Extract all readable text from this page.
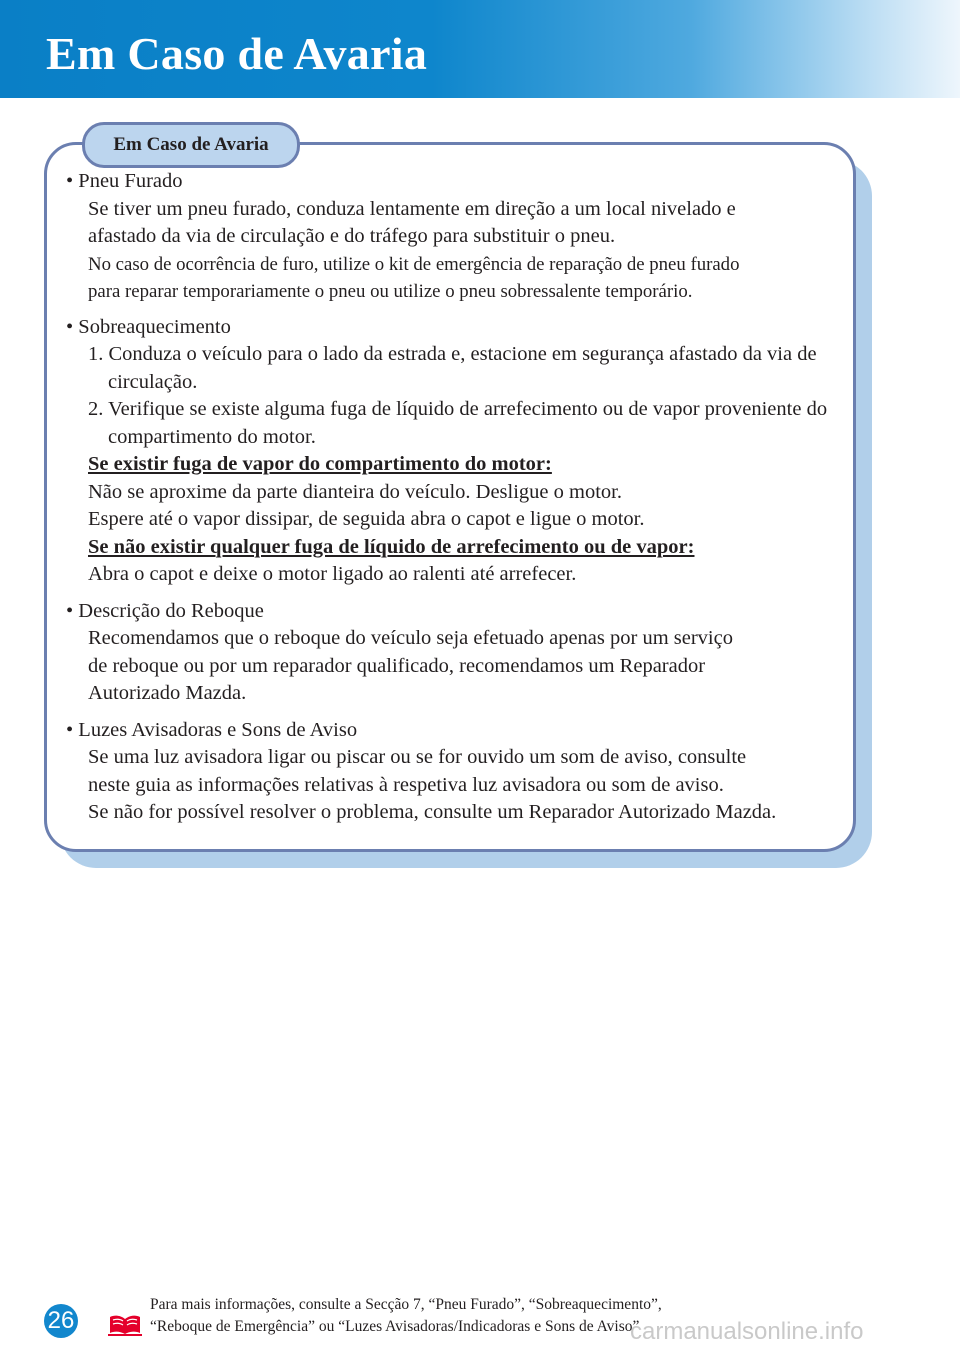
Em Caso de Avaria
Em Caso de Avaria

• Pneu Furado

Se tiver um pneu furado, conduza lentamente em direção a um local nivelado e

afastado da via de circulação e do tráfego para substituir o pneu.

No caso de ocorrência de furo, utilize o kit de emergência de reparação de pneu furado

para reparar temporariamente o pneu ou utilize o pneu sobressalente temporário.

• Sobreaquecimento

1. Conduza o veículo para o lado da estrada e, estacione em segurança afastado da via de circulação.

2. Verifique se existe alguma fuga de líquido de arrefecimento ou de vapor proveniente do compartimento do motor.

Se existir fuga de vapor do compartimento do motor:

Não se aproxime da parte dianteira do veículo. Desligue o motor.

Espere até o vapor dissipar, de seguida abra o capot e ligue o motor.

Se não existir qualquer fuga de líquido de arrefecimento ou de vapor:

Abra o capot e deixe o motor ligado ao ralenti até arrefecer.

• Descrição do Reboque

Recomendamos que o reboque do veículo seja efetuado apenas por um serviço

de reboque ou por um reparador qualificado, recomendamos um Reparador

Autorizado Mazda.

• Luzes Avisadoras e Sons de Aviso

Se uma luz avisadora ligar ou piscar ou se for ouvido um som de aviso, consulte

neste guia as informações relativas à respetiva luz avisadora ou som de aviso.

Se não for possível resolver o problema, consulte um Reparador Autorizado Mazda.

26
Para mais informações, consulte a Secção 7, “Pneu Furado”, “Sobreaquecimento”,
“Reboque de Emergência” ou “Luzes Avisadoras/Indicadoras e Sons de Aviso”
carmanualsonline.info
